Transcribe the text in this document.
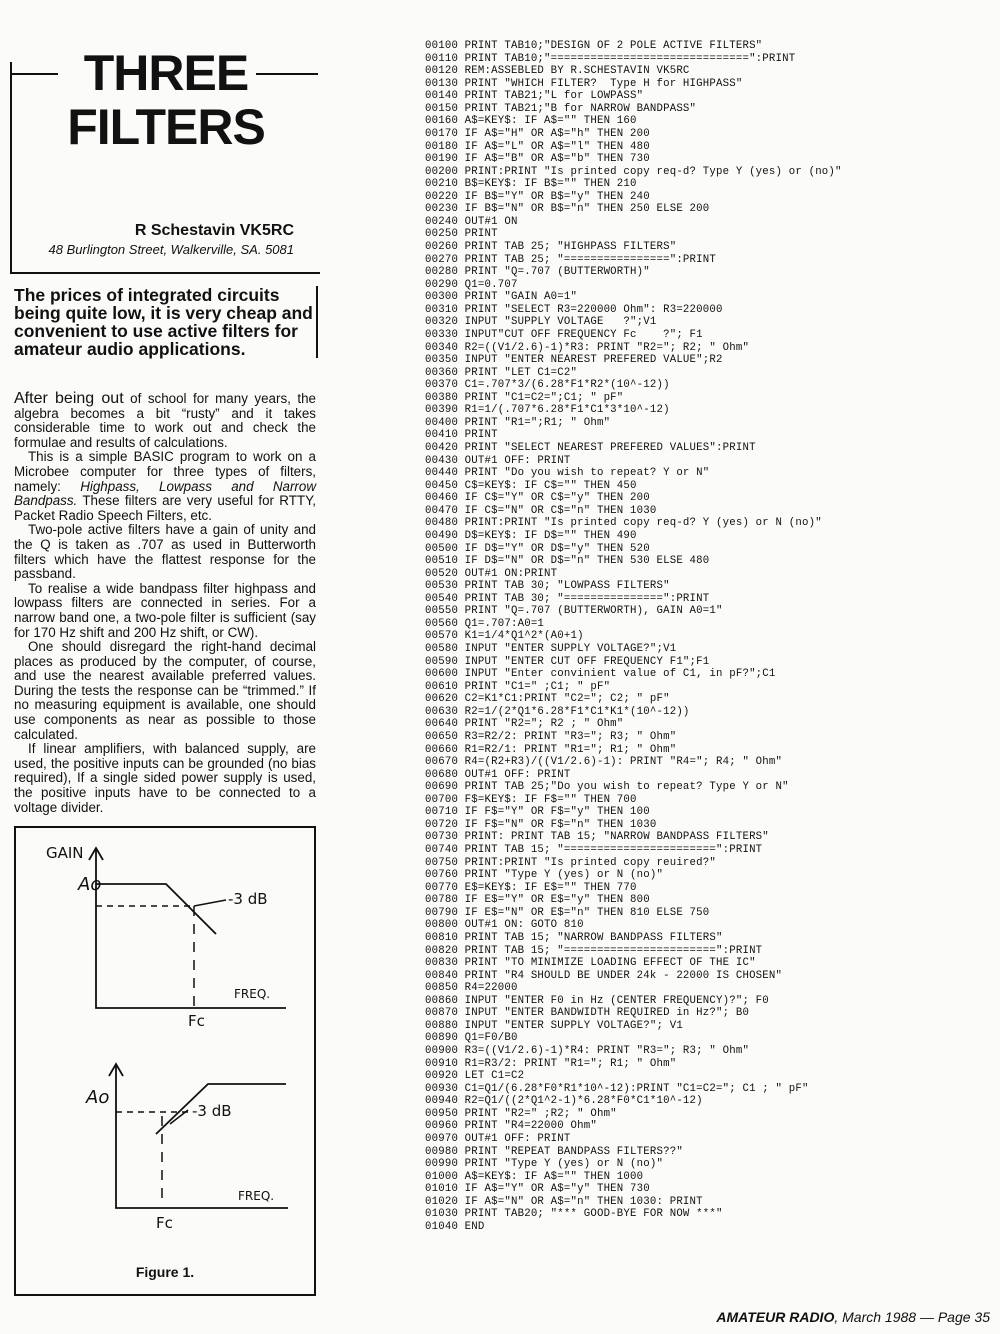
THREE
FILTERS
R Schestavin VK5RC
48 Burlington Street, Walkerville, SA. 5081
The prices of integrated circuits being quite low, it is very cheap and convenient to use active filters for amateur audio applications.

After being out of school for many years, the algebra becomes a bit “rusty” and it takes considerable time to work out and check the formulae and results of calculations.

This is a simple BASIC program to work on a Microbee computer for three types of filters, namely: Highpass, Lowpass and Narrow Bandpass. These filters are very useful for RTTY, Packet Radio Speech Filters, etc.

Two-pole active filters have a gain of unity and the Q is taken as .707 as used in Butterworth filters which have the flattest response for the passband.

To realise a wide bandpass filter highpass and lowpass filters are connected in series. For a narrow band one, a two-pole filter is sufficient (say for 170 Hz shift and 200 Hz shift, or CW).

One should disregard the right-hand decimal places as produced by the computer, of course, and use the nearest available preferred values. During the tests the response can be “trimmed.” If no measuring equipment is available, one should use components as near as possible to those calculated.

If linear amplifiers, with balanced supply, are used, the positive inputs can be grounded (no bias required), If a single sided power supply is used, the positive inputs have to be connected to a voltage divider.

GAIN
Ao
-3 dB
FREQ.
Fc
Ao
-3 dB
FREQ.
Fc
Figure 1.
00100 PRINT TAB10;"DESIGN OF 2 POLE ACTIVE FILTERS"
00110 PRINT TAB10;"==============================":PRINT
00120 REM:ASSEBLED BY R.SCHESTAVIN VK5RC
00130 PRINT "WHICH FILTER?  Type H for HIGHPASS"
00140 PRINT TAB21;"L for LOWPASS"
00150 PRINT TAB21;"B for NARROW BANDPASS"
00160 A$=KEY$: IF A$="" THEN 160
00170 IF A$="H" OR A$="h" THEN 200
00180 IF A$="L" OR A$="l" THEN 480
00190 IF A$="B" OR A$="b" THEN 730
00200 PRINT:PRINT "Is printed copy req-d? Type Y (yes) or (no)"
00210 B$=KEY$: IF B$="" THEN 210
00220 IF B$="Y" OR B$="y" THEN 240
00230 IF B$="N" OR B$="n" THEN 250 ELSE 200
00240 OUT#1 ON
00250 PRINT
00260 PRINT TAB 25; "HIGHPASS FILTERS"
00270 PRINT TAB 25; "================":PRINT
00280 PRINT "Q=.707 (BUTTERWORTH)"
00290 Q1=0.707
00300 PRINT "GAIN A0=1"
00310 PRINT "SELECT R3=220000 Ohm": R3=220000
00320 INPUT "SUPPLY VOLTAGE   ?";V1
00330 INPUT"CUT OFF FREQUENCY Fc    ?"; F1
00340 R2=((V1/2.6)-1)*R3: PRINT "R2="; R2; " Ohm"
00350 INPUT "ENTER NEAREST PREFERED VALUE";R2
00360 PRINT "LET C1=C2"
00370 C1=.707*3/(6.28*F1*R2*(10^-12))
00380 PRINT "C1=C2=";C1; " pF"
00390 R1=1/(.707*6.28*F1*C1*3*10^-12)
00400 PRINT "R1=";R1; " Ohm"
00410 PRINT
00420 PRINT "SELECT NEAREST PREFERED VALUES":PRINT
00430 OUT#1 OFF: PRINT
00440 PRINT "Do you wish to repeat? Y or N"
00450 C$=KEY$: IF C$="" THEN 450
00460 IF C$="Y" OR C$="y" THEN 200
00470 IF C$="N" OR C$="n" THEN 1030
00480 PRINT:PRINT "Is printed copy req-d? Y (yes) or N (no)"
00490 D$=KEY$: IF D$="" THEN 490
00500 IF D$="Y" OR D$="y" THEN 520
00510 IF D$="N" OR D$="n" THEN 530 ELSE 480
00520 OUT#1 ON:PRINT
00530 PRINT TAB 30; "LOWPASS FILTERS"
00540 PRINT TAB 30; "===============":PRINT
00550 PRINT "Q=.707 (BUTTERWORTH), GAIN A0=1"
00560 Q1=.707:A0=1
00570 K1=1/4*Q1^2*(A0+1)
00580 INPUT "ENTER SUPPLY VOLTAGE?";V1
00590 INPUT "ENTER CUT OFF FREQUENCY F1";F1
00600 INPUT "Enter convinient value of C1, in pF?";C1
00610 PRINT "C1=" ;C1; " pF"
00620 C2=K1*C1:PRINT "C2="; C2; " pF"
00630 R2=1/(2*Q1*6.28*F1*C1*K1*(10^-12))
00640 PRINT "R2="; R2 ; " Ohm"
00650 R3=R2/2: PRINT "R3="; R3; " Ohm"
00660 R1=R2/1: PRINT "R1="; R1; " Ohm"
00670 R4=(R2+R3)/((V1/2.6)-1): PRINT "R4="; R4; " Ohm"
00680 OUT#1 OFF: PRINT
00690 PRINT TAB 25;"Do you wish to repeat? Type Y or N"
00700 F$=KEY$: IF F$="" THEN 700
00710 IF F$="Y" OR F$="y" THEN 100
00720 IF F$="N" OR F$="n" THEN 1030
00730 PRINT: PRINT TAB 15; "NARROW BANDPASS FILTERS"
00740 PRINT TAB 15; "=======================":PRINT
00750 PRINT:PRINT "Is printed copy reuired?"
00760 PRINT "Type Y (yes) or N (no)"
00770 E$=KEY$: IF E$="" THEN 770
00780 IF E$="Y" OR E$="y" THEN 800
00790 IF E$="N" OR E$="n" THEN 810 ELSE 750
00800 OUT#1 ON: GOTO 810
00810 PRINT TAB 15; "NARROW BANDPASS FILTERS"
00820 PRINT TAB 15; "=======================":PRINT
00830 PRINT "TO MINIMIZE LOADING EFFECT OF THE IC"
00840 PRINT "R4 SHOULD BE UNDER 24k - 22000 IS CHOSEN"
00850 R4=22000
00860 INPUT "ENTER F0 in Hz (CENTER FREQUENCY)?"; F0
00870 INPUT "ENTER BANDWIDTH REQUIRED in Hz?"; B0
00880 INPUT "ENTER SUPPLY VOLTAGE?"; V1
00890 Q1=F0/B0
00900 R3=((V1/2.6)-1)*R4: PRINT "R3="; R3; " Ohm"
00910 R1=R3/2: PRINT "R1="; R1; " Ohm"
00920 LET C1=C2
00930 C1=Q1/(6.28*F0*R1*10^-12):PRINT "C1=C2="; C1 ; " pF"
00940 R2=Q1/((2*Q1^2-1)*6.28*F0*C1*10^-12)
00950 PRINT "R2=" ;R2; " Ohm"
00960 PRINT "R4=22000 Ohm"
00970 OUT#1 OFF: PRINT
00980 PRINT "REPEAT BANDPASS FILTERS??"
00990 PRINT "Type Y (yes) or N (no)"
01000 A$=KEY$: IF A$="" THEN 1000
01010 IF A$="Y" OR A$="y" THEN 730
01020 IF A$="N" OR A$="n" THEN 1030: PRINT
01030 PRINT TAB20; "*** GOOD-BYE FOR NOW ***"
01040 END
AMATEUR RADIO, March 1988 — Page 35
